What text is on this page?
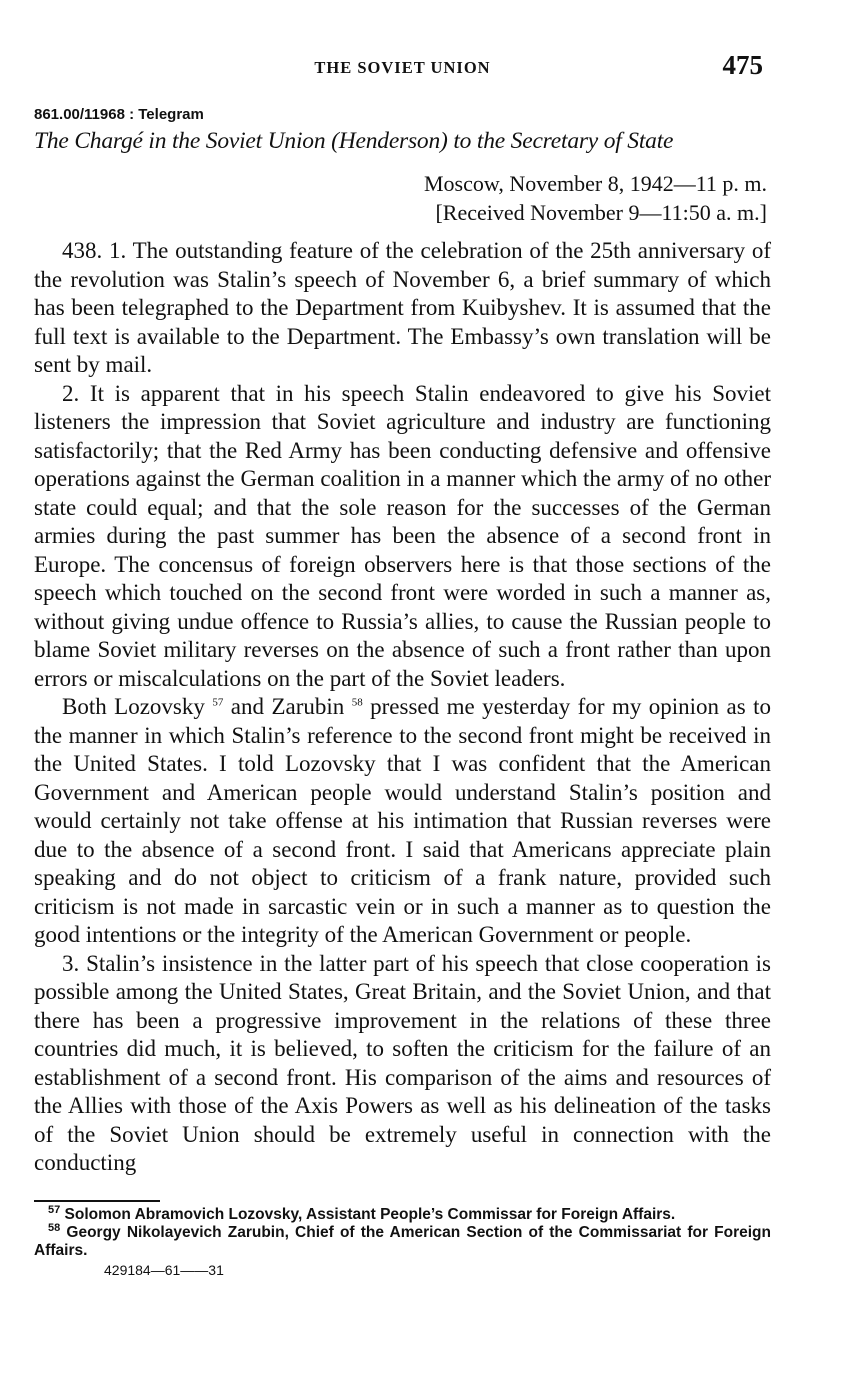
THE SOVIET UNION	475
861.00/11968 : Telegram
The Chargé in the Soviet Union (Henderson) to the Secretary of State
Moscow, November 8, 1942—11 p. m.
[Received November 9—11:50 a. m.]

438. 1. The outstanding feature of the celebration of the 25th anniversary of the revolution was Stalin’s speech of November 6, a brief summary of which has been telegraphed to the Department from Kuibyshev. It is assumed that the full text is available to the Department. The Embassy’s own translation will be sent by mail.

2. It is apparent that in his speech Stalin endeavored to give his Soviet listeners the impression that Soviet agriculture and industry are functioning satisfactorily; that the Red Army has been conducting defensive and offensive operations against the German coalition in a manner which the army of no other state could equal; and that the sole reason for the successes of the German armies during the past summer has been the absence of a second front in Europe. The concensus of foreign observers here is that those sections of the speech which touched on the second front were worded in such a manner as, without giving undue offence to Russia’s allies, to cause the Russian people to blame Soviet military reverses on the absence of such a front rather than upon errors or miscalculations on the part of the Soviet leaders.

Both Lozovsky $^{57}$ and Zarubin $^{58}$ pressed me yesterday for my opinion as to the manner in which Stalin’s reference to the second front might be received in the United States. I told Lozovsky that I was confident that the American Government and American people would understand Stalin’s position and would certainly not take offense at his intimation that Russian reverses were due to the absence of a second front. I said that Americans appreciate plain speaking and do not object to criticism of a frank nature, provided such criticism is not made in sarcastic vein or in such a manner as to question the good intentions or the integrity of the American Government or people.

3. Stalin’s insistence in the latter part of his speech that close cooperation is possible among the United States, Great Britain, and the Soviet Union, and that there has been a progressive improvement in the relations of these three countries did much, it is believed, to soften the criticism for the failure of an establishment of a second front. His comparison of the aims and resources of the Allies with those of the Axis Powers as well as his delineation of the tasks of the Soviet Union should be extremely useful in connection with the conducting

$^{57}$ Solomon Abramovich Lozovsky, Assistant People’s Commissar for Foreign Affairs.

$^{58}$ Georgy Nikolayevich Zarubin, Chief of the American Section of the Commissariat for Foreign Affairs.

429184—61——31
